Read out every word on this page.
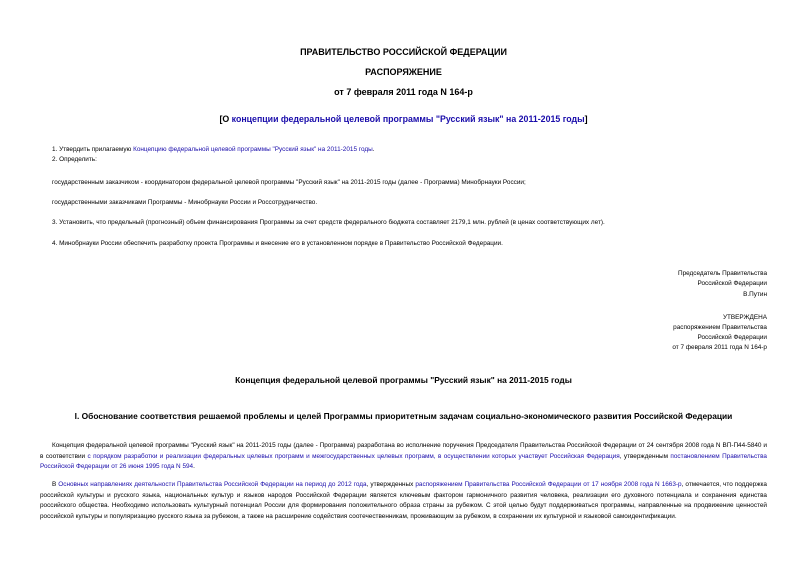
ПРАВИТЕЛЬСТВО РОССИЙСКОЙ ФЕДЕРАЦИИ
РАСПОРЯЖЕНИЕ
от 7 февраля 2011 года N 164-р
[О концепции федеральной целевой программы "Русский язык" на 2011-2015 годы]
1. Утвердить прилагаемую Концепцию федеральной целевой программы "Русский язык" на 2011-2015 годы.
2. Определить:
государственным заказчиком - координатором федеральной целевой программы "Русский язык" на 2011-2015 годы (далее - Программа) Минобрнауки России;
государственными заказчиками Программы - Минобрнауки России и Россотрудничество.
3. Установить, что предельный (прогнозный) объем финансирования Программы за счет средств федерального бюджета составляет 2179,1 млн. рублей (в ценах соответствующих лет).
4. Минобрнауки России обеспечить разработку проекта Программы и внесение его в установленном порядке в Правительство Российской Федерации.
Председатель Правительства
Российской Федерации
В.Путин
УТВЕРЖДЕНА
распоряжением Правительства
Российской Федерации
от 7 февраля 2011 года N 164-р
Концепция федеральной целевой программы "Русский язык" на 2011-2015 годы
I. Обоснование соответствия решаемой проблемы и целей Программы приоритетным задачам социально-экономического развития Российской Федерации
Концепция федеральной целевой программы "Русский язык" на 2011-2015 годы (далее - Программа) разработана во исполнение поручения Председателя Правительства Российской Федерации от 24 сентября 2008 года N ВП-П44-5840 и в соответствии с порядком разработки и реализации федеральных целевых программ и межгосударственных целевых программ, в осуществлении которых участвует Российская Федерация, утвержденным постановлением Правительства Российской Федерации от 26 июня 1995 года N 594.
В Основных направлениях деятельности Правительства Российской Федерации на период до 2012 года, утвержденных распоряжением Правительства Российской Федерации от 17 ноября 2008 года N 1663-р, отмечается, что поддержка российской культуры и русского языка, национальных культур и языков народов Российской Федерации является ключевым фактором гармоничного развития человека, реализации его духовного потенциала и сохранения единства российского общества. Необходимо использовать культурный потенциал России для формирования положительного образа страны за рубежом. С этой целью будут поддерживаться программы, направленные на продвижение ценностей российской культуры и популяризацию русского языка за рубежом, а также на расширение содействия соотечественникам, проживающим за рубежом, в сохранении их культурной и языковой самоидентификации.
